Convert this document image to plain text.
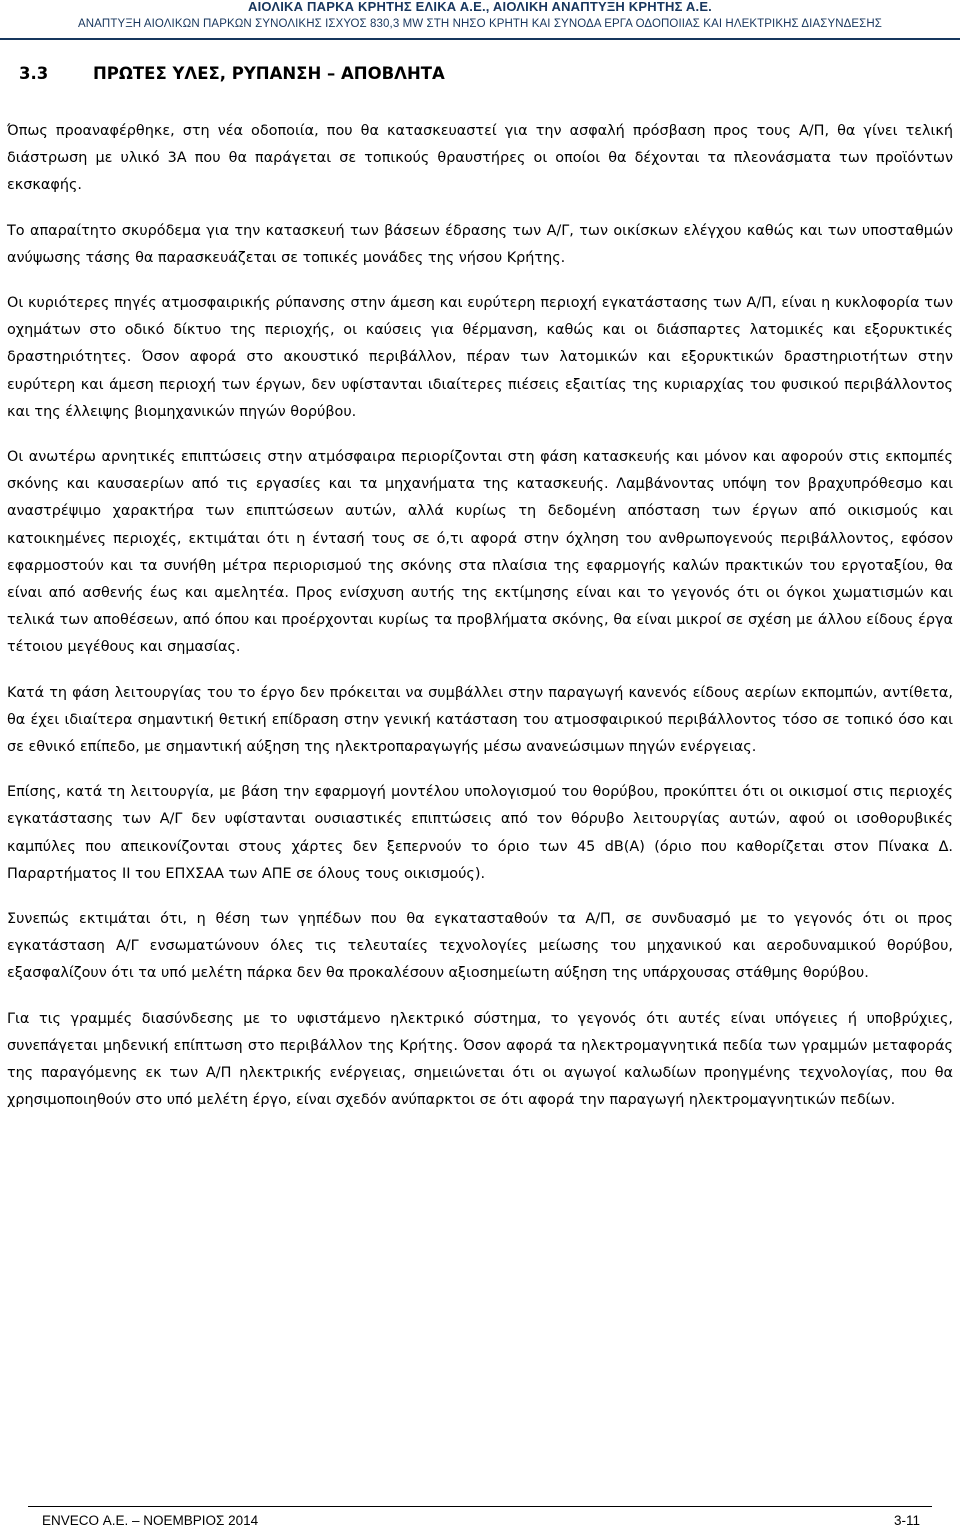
ΑΙΟΛΙΚΑ ΠΑΡΚΑ ΚΡΗΤΗΣ ΕΛΙΚΑ Α.Ε., ΑΙΟΛΙΚΗ ΑΝΑΠΤΥΞΗ ΚΡΗΤΗΣ Α.Ε.
ΑΝΑΠΤΥΞΗ ΑΙΟΛΙΚΩΝ ΠΑΡΚΩΝ ΣΥΝΟΛΙΚΗΣ ΙΣΧΥΟΣ 830,3 MW ΣΤΗ ΝΗΣΟ ΚΡΗΤΗ ΚΑΙ ΣΥΝΟΔΑ ΕΡΓΑ ΟΔΟΠΟΙΙΑΣ ΚΑΙ ΗΛΕΚΤΡΙΚΗΣ ΔΙΑΣΥΝΔΕΣΗΣ
3.3	ΠΡΩΤΕΣ ΥΛΕΣ, ΡΥΠΑΝΣΗ – ΑΠΟΒΛΗΤΑ

Όπως προαναφέρθηκε, στη νέα οδοποιία, που θα κατασκευαστεί για την ασφαλή πρόσβαση προς τους Α/Π, θα γίνει τελική διάστρωση με υλικό 3Α που θα παράγεται σε τοπικούς θραυστήρες οι οποίοι θα δέχονται τα πλεονάσματα των προϊόντων εκσκαφής.

Το απαραίτητο σκυρόδεμα για την κατασκευή των βάσεων έδρασης των Α/Γ, των οικίσκων ελέγχου καθώς και των υποσταθμών ανύψωσης τάσης θα παρασκευάζεται σε τοπικές μονάδες της νήσου Κρήτης.

Οι κυριότερες πηγές ατμοσφαιρικής ρύπανσης στην άμεση και ευρύτερη περιοχή εγκατάστασης των Α/Π, είναι η κυκλοφορία των οχημάτων στο οδικό δίκτυο της περιοχής, οι καύσεις για θέρμανση, καθώς και οι διάσπαρτες λατομικές και εξορυκτικές δραστηριότητες. Όσον αφορά στο ακουστικό περιβάλλον, πέραν των λατομικών και εξορυκτικών δραστηριοτήτων στην ευρύτερη και άμεση περιοχή των έργων, δεν υφίστανται ιδιαίτερες πιέσεις εξαιτίας της κυριαρχίας του φυσικού περιβάλλοντος και της έλλειψης βιομηχανικών πηγών θορύβου.

Οι ανωτέρω αρνητικές επιπτώσεις στην ατμόσφαιρα περιορίζονται στη φάση κατασκευής και μόνον και αφορούν στις εκπομπές σκόνης και καυσαερίων από τις εργασίες και τα μηχανήματα της κατασκευής. Λαμβάνοντας υπόψη τον βραχυπρόθεσμο και αναστρέψιμο χαρακτήρα των επιπτώσεων αυτών, αλλά κυρίως τη δεδομένη απόσταση των έργων από οικισμούς και κατοικημένες περιοχές, εκτιμάται ότι η έντασή τους σε ό,τι αφορά στην όχληση του ανθρωπογενούς περιβάλλοντος, εφόσον εφαρμοστούν και τα συνήθη μέτρα περιορισμού της σκόνης στα πλαίσια της εφαρμογής καλών πρακτικών του εργοταξίου, θα είναι από ασθενής έως και αμελητέα. Προς ενίσχυση αυτής της εκτίμησης είναι και το γεγονός ότι οι όγκοι χωματισμών και τελικά των αποθέσεων, από όπου και προέρχονται κυρίως τα προβλήματα σκόνης, θα είναι μικροί σε σχέση με άλλου είδους έργα τέτοιου μεγέθους και σημασίας.

Κατά τη φάση λειτουργίας του το έργο δεν πρόκειται να συμβάλλει στην παραγωγή κανενός είδους αερίων εκπομπών, αντίθετα, θα έχει ιδιαίτερα σημαντική θετική επίδραση στην γενική κατάσταση του ατμοσφαιρικού περιβάλλοντος τόσο σε τοπικό όσο και σε εθνικό επίπεδο, με σημαντική αύξηση της ηλεκτροπαραγωγής μέσω ανανεώσιμων πηγών ενέργειας.

Επίσης, κατά τη λειτουργία, με βάση την εφαρμογή μοντέλου υπολογισμού του θορύβου, προκύπτει ότι οι οικισμοί στις περιοχές εγκατάστασης των Α/Γ δεν υφίστανται ουσιαστικές επιπτώσεις από τον θόρυβο λειτουργίας αυτών, αφού οι ισοθορυβικές καμπύλες που απεικονίζονται στους χάρτες δεν ξεπερνούν το όριο των 45 dB(A) (όριο που καθορίζεται στον Πίνακα Δ. Παραρτήματος ΙΙ του ΕΠΧΣΑΑ των ΑΠΕ σε όλους τους οικισμούς).

Συνεπώς εκτιμάται ότι, η θέση των γηπέδων που θα εγκατασταθούν τα Α/Π, σε συνδυασμό με το γεγονός ότι οι προς εγκατάσταση Α/Γ ενσωματώνουν όλες τις τελευταίες τεχνολογίες μείωσης του μηχανικού και αεροδυναμικού θορύβου, εξασφαλίζουν ότι τα υπό μελέτη πάρκα δεν θα προκαλέσουν αξιοσημείωτη αύξηση της υπάρχουσας στάθμης θορύβου.

Για τις γραμμές διασύνδεσης με το υφιστάμενο ηλεκτρικό σύστημα, το γεγονός ότι αυτές είναι υπόγειες ή υποβρύχιες, συνεπάγεται μηδενική επίπτωση στο περιβάλλον της Κρήτης. Όσον αφορά τα ηλεκτρομαγνητικά πεδία των γραμμών μεταφοράς της παραγόμενης εκ των Α/Π ηλεκτρικής ενέργειας, σημειώνεται ότι οι αγωγοί καλωδίων προηγμένης τεχνολογίας, που θα χρησιμοποιηθούν στο υπό μελέτη έργο, είναι σχεδόν ανύπαρκτοι σε ότι αφορά την παραγωγή ηλεκτρομαγνητικών πεδίων.

ENVECO Α.Ε. – ΝΟΕΜΒΡΙΟΣ 2014	3-11
